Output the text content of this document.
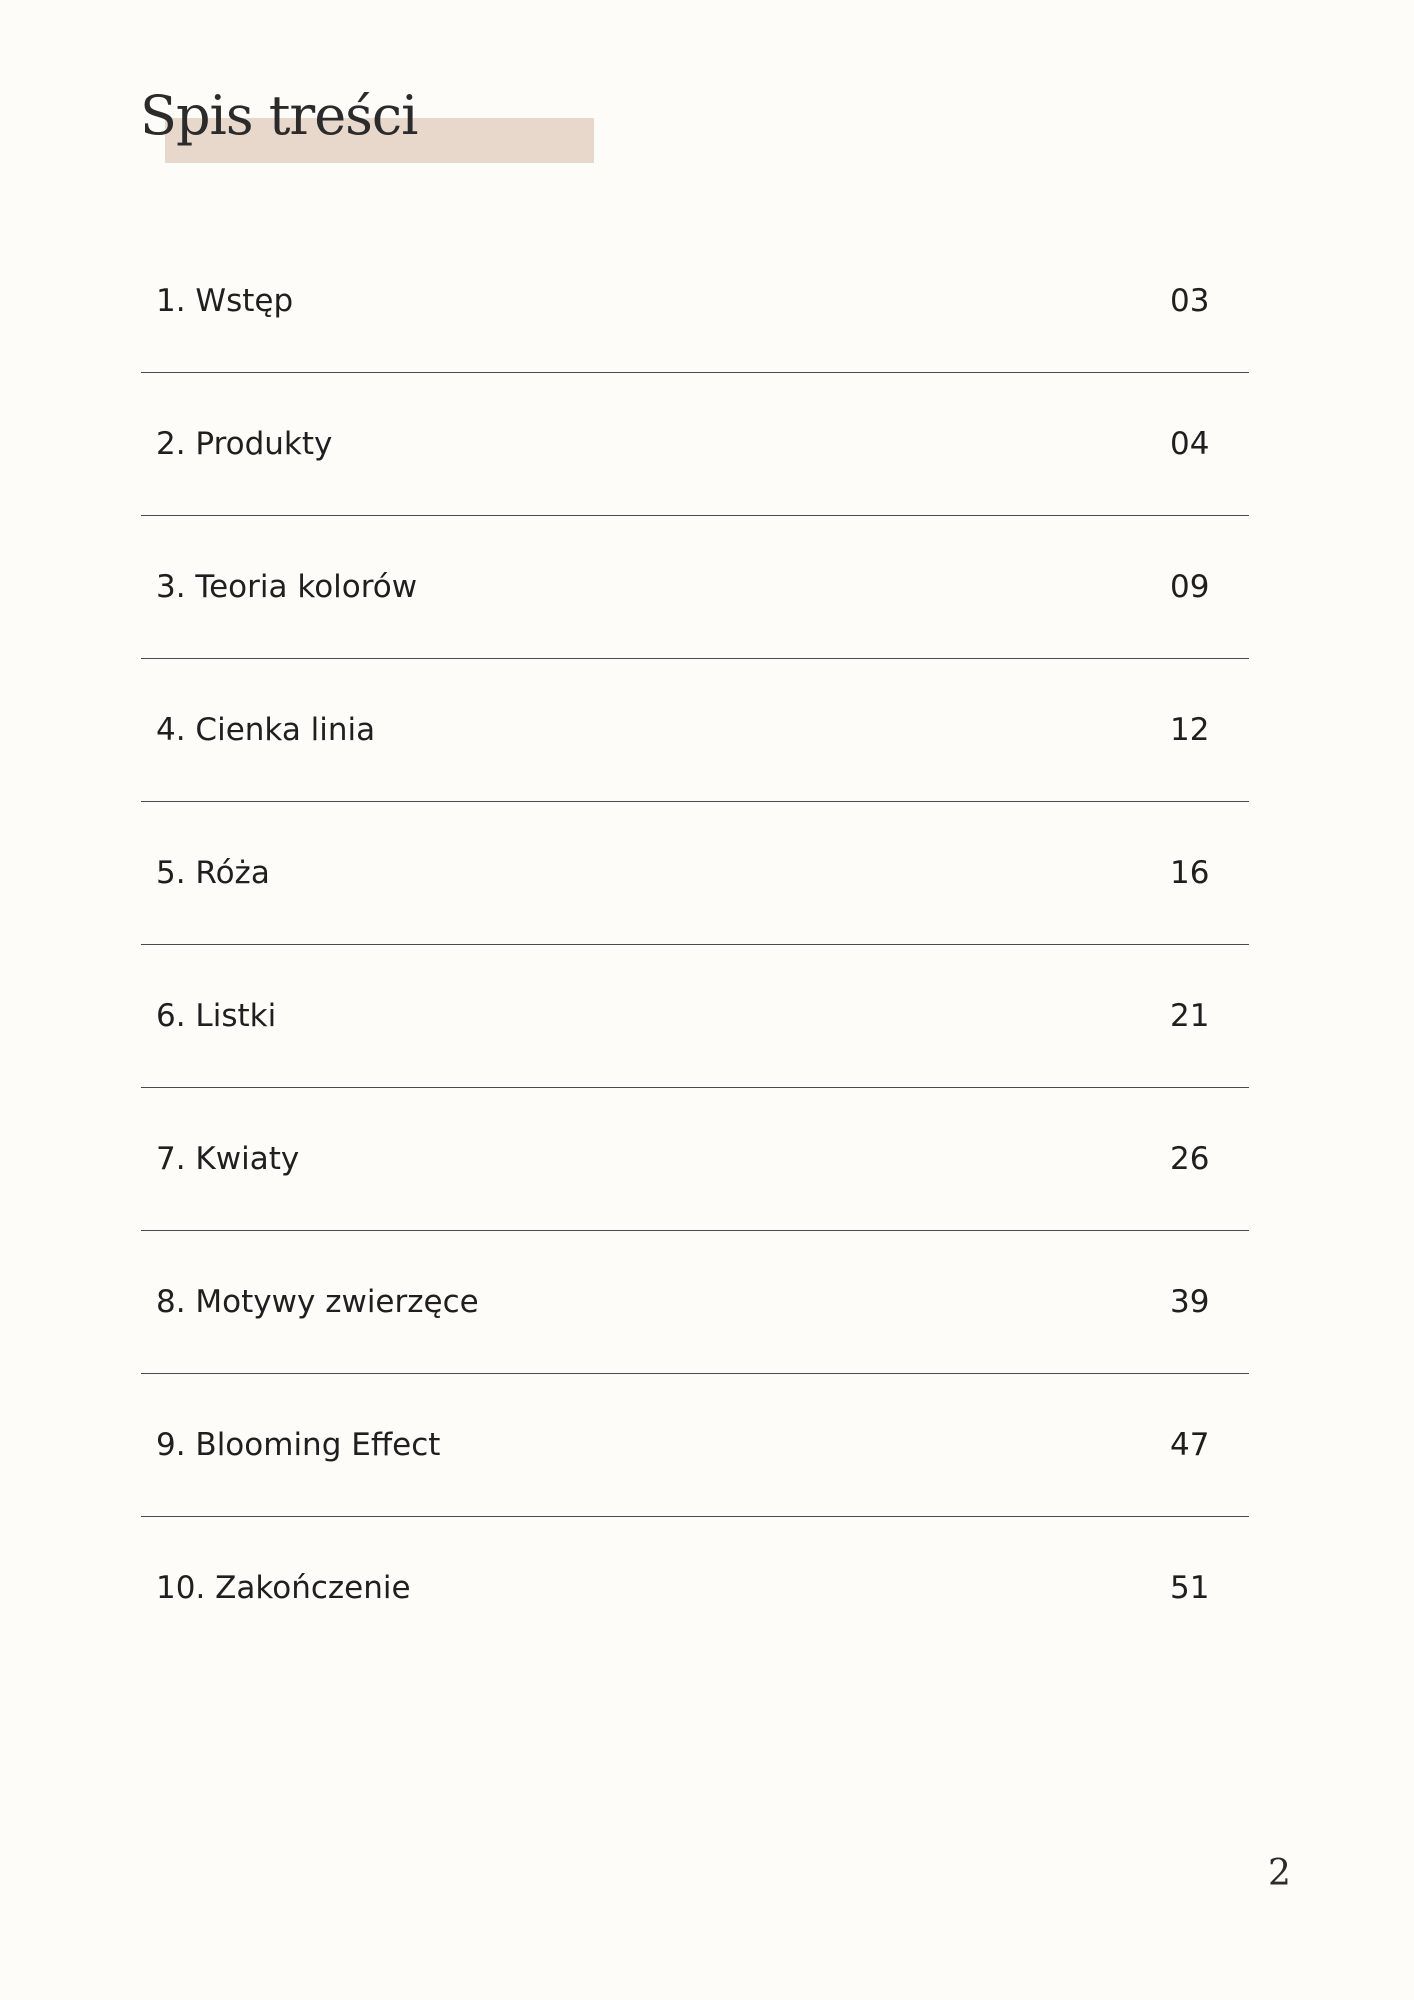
Spis treści
1. Wstęp	03
2. Produkty	04
3. Teoria kolorów	09
4. Cienka linia	12
5. Róża	16
6. Listki	21
7. Kwiaty	26
8. Motywy zwierzęce	39
9. Blooming Effect	47
10. Zakończenie	51
2
